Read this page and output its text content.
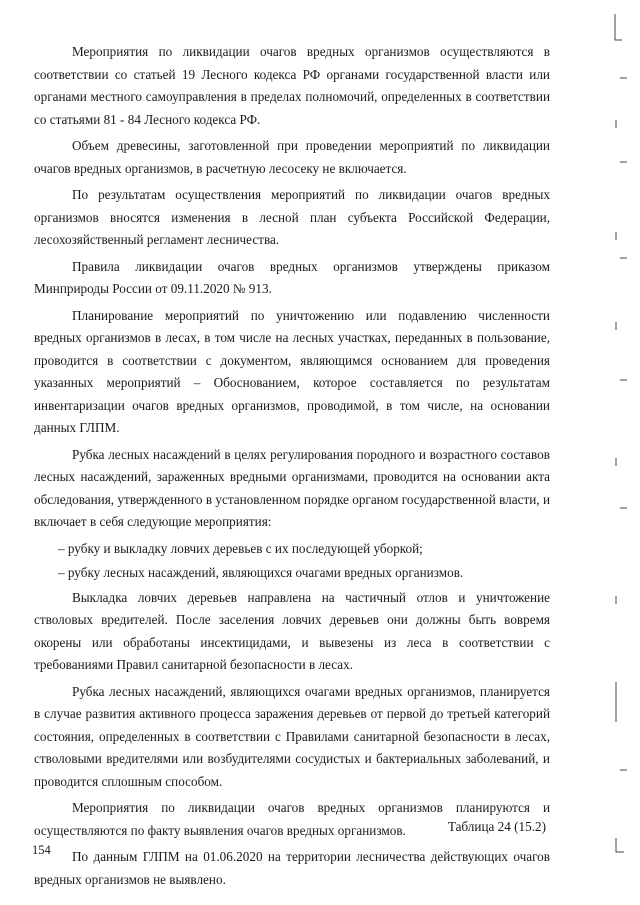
Мероприятия по ликвидации очагов вредных организмов осуществляются в соответствии со статьей 19 Лесного кодекса РФ органами государственной власти или органами местного самоуправления в пределах полномочий, определенных в соответствии со статьями 81 - 84 Лесного кодекса РФ.

Объем древесины, заготовленной при проведении мероприятий по ликвидации очагов вредных организмов, в расчетную лесосеку не включается.

По результатам осуществления мероприятий по ликвидации очагов вредных организмов вносятся изменения в лесной план субъекта Российской Федерации, лесохозяйственный регламент лесничества.

Правила ликвидации очагов вредных организмов утверждены приказом Минприроды России от 09.11.2020 № 913.

Планирование мероприятий по уничтожению или подавлению численности вредных организмов в лесах, в том числе на лесных участках, переданных в пользование, проводится в соответствии с документом, являющимся основанием для проведения указанных мероприятий – Обоснованием, которое составляется по результатам инвентаризации очагов вредных организмов, проводимой, в том числе, на основании данных ГЛПМ.

Рубка лесных насаждений в целях регулирования породного и возрастного составов лесных насаждений, зараженных вредными организмами, проводится на основании акта обследования, утвержденного в установленном порядке органом государственной власти, и включает в себя следующие мероприятия:

– рубку и выкладку ловчих деревьев с их последующей уборкой;

– рубку лесных насаждений, являющихся очагами вредных организмов.

Выкладка ловчих деревьев направлена на частичный отлов и уничтожение стволовых вредителей. После заселения ловчих деревьев они должны быть вовремя окорены или обработаны инсектицидами, и вывезены из леса в соответствии с требованиями Правил санитарной безопасности в лесах.

Рубка лесных насаждений, являющихся очагами вредных организмов, планируется в случае развития активного процесса заражения деревьев от первой до третьей категорий состояния, определенных в соответствии с Правилами санитарной безопасности в лесах, стволовыми вредителями или возбудителями сосудистых и бактериальных заболеваний, и проводится сплошным способом.

Мероприятия по ликвидации очагов вредных организмов планируются и осуществляются по факту выявления очагов вредных организмов.

По данным ГЛПМ на 01.06.2020 на территории лесничества действующих очагов вредных организмов не выявлено.

Таблица 24 (15.2)
154
